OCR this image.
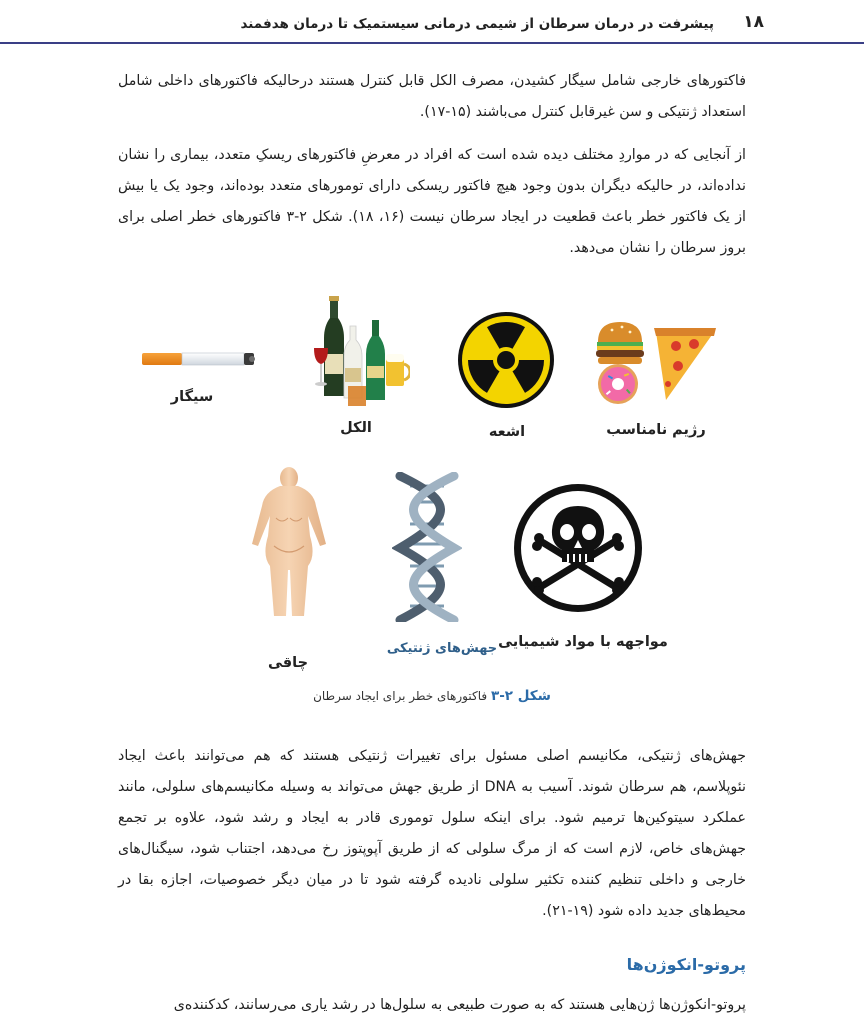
۱۸
پیشرفت در درمان سرطان از شیمی درمانی سیستمیک تا درمان هدفمند

فاکتورهای خارجی شامل سیگار کشیدن، مصرف الکل قابل کنترل هستند درحالیکه فاکتورهای داخلی شامل استعداد ژنتیکی و سن غیرقابل کنترل می‌باشند (۱۵-۱۷).

از آنجایی که در مواردِ مختلف دیده شده است که افراد در معرضِ فاکتورهای ریسکِ متعدد، بیماری را نشان نداده‌اند، در حالیکه دیگران بدون وجود هیچ فاکتور ریسکی دارای تومورهای متعدد بوده‌اند، وجود یک یا بیش از یک فاکتور خطر باعث قطعیت در ایجاد سرطان نیست (۱۶، ۱۸). شکل ۲-۳ فاکتورهای خطر اصلی برای بروز سرطان را نشان می‌دهد.

سیگار
الکل	اشعه	رژیم نامناسب
چاقی
جهش‌های ژنتیکی مواجهه با مواد شیمیایی
شکل ۲-۳ فاکتورهای خطر برای ایجاد سرطان

جهش‌های ژنتیکی، مکانیسم اصلی مسئول برای تغییرات ژنتیکی هستند که هم می‌توانند باعث ایجاد نئوپلاسم، هم سرطان شوند. آسیب به DNA از طریق جهش می‌تواند به وسیله مکانیسم‌های سلولی، مانند عملکرد سیتوکین‌ها ترمیم شود. برای اینکه سلول توموری قادر به ایجاد و رشد شود، علاوه بر تجمع جهش‌های خاص، لازم است که از مرگ سلولی که از طریق آپوپتوز رخ می‌دهد، اجتناب شود، سیگنال‌های خارجی و داخلی تنظیم کننده تکثیر سلولی نادیده گرفته شود تا در میان دیگر خصوصیات، اجازه بقا در محیط‌های جدید داده شود (۱۹-۲۱).

پروتو-انکوژن‌ها

پروتو-انکوژن‌ها ژن‌هایی هستند که به صورت طبیعی به سلول‌ها در رشد یاری می‌رسانند، کدکننده‌ی
